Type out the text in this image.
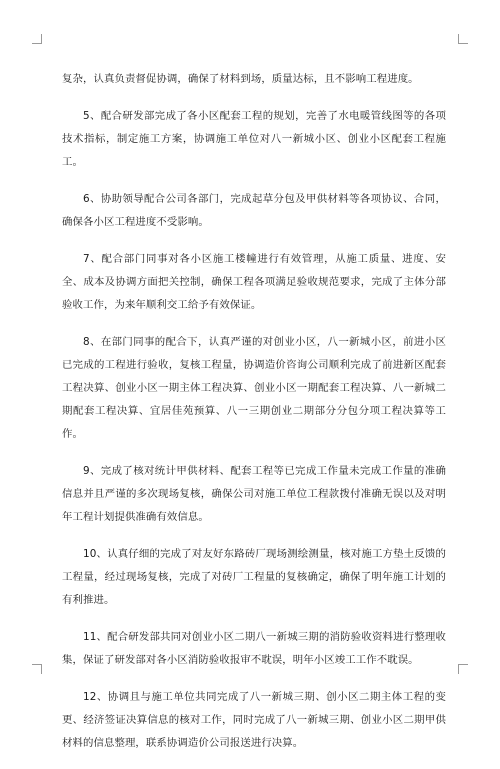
复杂，认真负责督促协调，确保了材料到场，质量达标，且不影响工程进度。

5、配合研发部完成了各小区配套工程的规划，完善了水电暖管线图等的各项技术指标，制定施工方案，协调施工单位对八一新城小区、创业小区配套工程施工。

6、协助领导配合公司各部门，完成起草分包及甲供材料等各项协议、合同，确保各小区工程进度不受影响。

7、配合部门同事对各小区施工楼幢进行有效管理，从施工质量、进度、安全、成本及协调方面把关控制，确保工程各项满足验收规范要求，完成了主体分部验收工作，为来年顺利交工给予有效保证。

8、在部门同事的配合下，认真严谨的对创业小区，八一新城小区，前进小区已完成的工程进行验收，复核工程量，协调造价咨询公司顺利完成了前进新区配套工程决算、创业小区一期主体工程决算、创业小区一期配套工程决算、八一新城二期配套工程决算、宜居佳苑预算、八一三期创业二期部分分包分项工程决算等工作。

9、完成了核对统计甲供材料、配套工程等已完成工作量未完成工作量的准确信息并且严谨的多次现场复核，确保公司对施工单位工程款拨付准确无误以及对明年工程计划提供准确有效信息。

10、认真仔细的完成了对友好东路砖厂现场测绘测量，核对施工方垫土反馈的工程量，经过现场复核，完成了对砖厂工程量的复核确定，确保了明年施工计划的有利推进。

11、配合研发部共同对创业小区二期八一新城三期的消防验收资料进行整理收集，保证了研发部对各小区消防验收报审不耽误，明年小区竣工工作不耽误。

12、协调且与施工单位共同完成了八一新城三期、创小区二期主体工程的变更、经济签证决算信息的核对工作，同时完成了八一新城三期、创业小区二期甲供材料的信息整理，联系协调造价公司报送进行决算。
